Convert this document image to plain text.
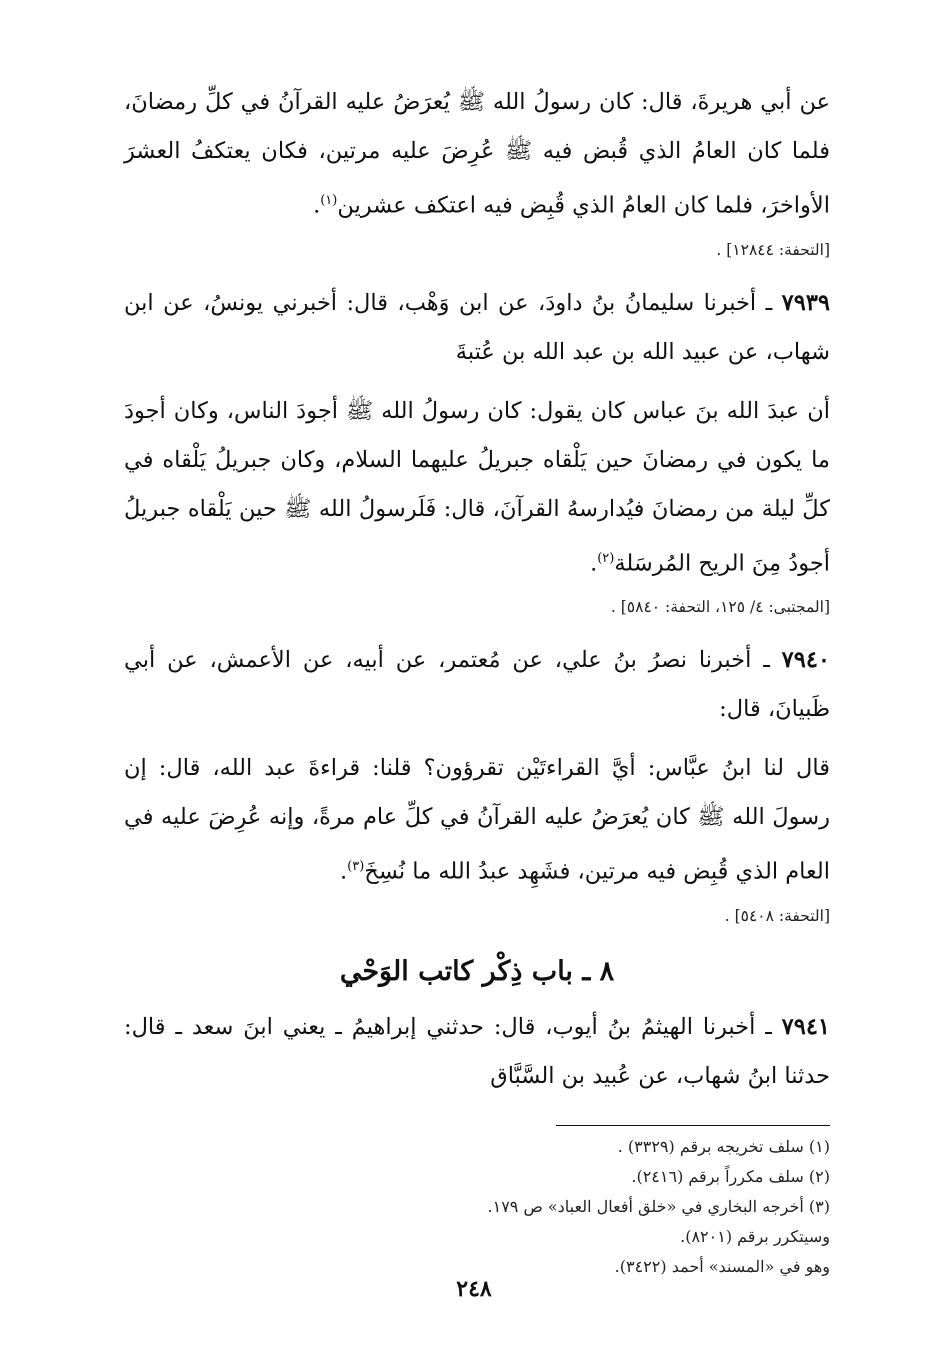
عن أبي هريرةَ، قال: كان رسولُ الله ﷺ يُعرَضُ عليه القرآنُ في كلِّ رمضانَ، فلما كان العامُ الذي قُبض فيه ﷺ عُرِضَ عليه مرتين، فكان يعتكفُ العشرَ الأواخرَ، فلما كان العامُ الذي قُبِض فيه اعتكف عشرين$^{(١)}$.

[التحفة: ١٢٨٤٤] .

٧٩٣٩ ـ أخبرنا سليمانُ بنُ داودَ، عن ابن وَهْب، قال: أخبرني يونسُ، عن ابن شهاب، عن عبيد الله بن عبد الله بن عُتبةَ

أن عبدَ الله بنَ عباس كان يقول: كان رسولُ الله ﷺ أجودَ الناس، وكان أجودَ ما يكون في رمضانَ حين يَلْقاه جبريلُ عليهما السلام، وكان جبريلُ يَلْقاه في كلِّ ليلة من رمضانَ فيُدارسهُ القرآنَ، قال: فَلَرسولُ الله ﷺ حين يَلْقاه جبريلُ أجودُ مِنَ الريح المُرسَلة$^{(٢)}$.

[المجتبى: ٤/ ١٢٥، التحفة: ٥٨٤٠] .

٧٩٤٠ ـ أخبرنا نصرُ بنُ علي، عن مُعتمر، عن أبيه، عن الأعمش، عن أبي ظَبيانَ، قال:

قال لنا ابنُ عبَّاس: أيَّ القراءتَيْن تقرؤون؟ قلنا: قراءةَ عبد الله، قال: إن رسولَ الله ﷺ كان يُعرَضُ عليه القرآنُ في كلِّ عام مرةً، وإنه عُرِضَ عليه في العام الذي قُبِض فيه مرتين، فشَهِد عبدُ الله ما نُسِخَ$^{(٣)}$.

[التحفة: ٥٤٠٨] .

٨ ـ باب ذِكْر كاتب الوَحْي

٧٩٤١ ـ أخبرنا الهيثمُ بنُ أيوب، قال: حدثني إبراهيمُ ـ يعني ابنَ سعد ـ قال: حدثنا ابنُ شهاب، عن عُبيد بن السَّبَّاق

(١) سلف تخريجه برقم (٣٣٢٩) .

(٢) سلف مكرراً برقم (٢٤١٦).

(٣) أخرجه البخاري في «خلق أفعال العباد» ص ١٧٩.

وسيتكرر برقم (٨٢٠١).

وهو في «المسند» أحمد (٣٤٢٢).

٢٤٨
